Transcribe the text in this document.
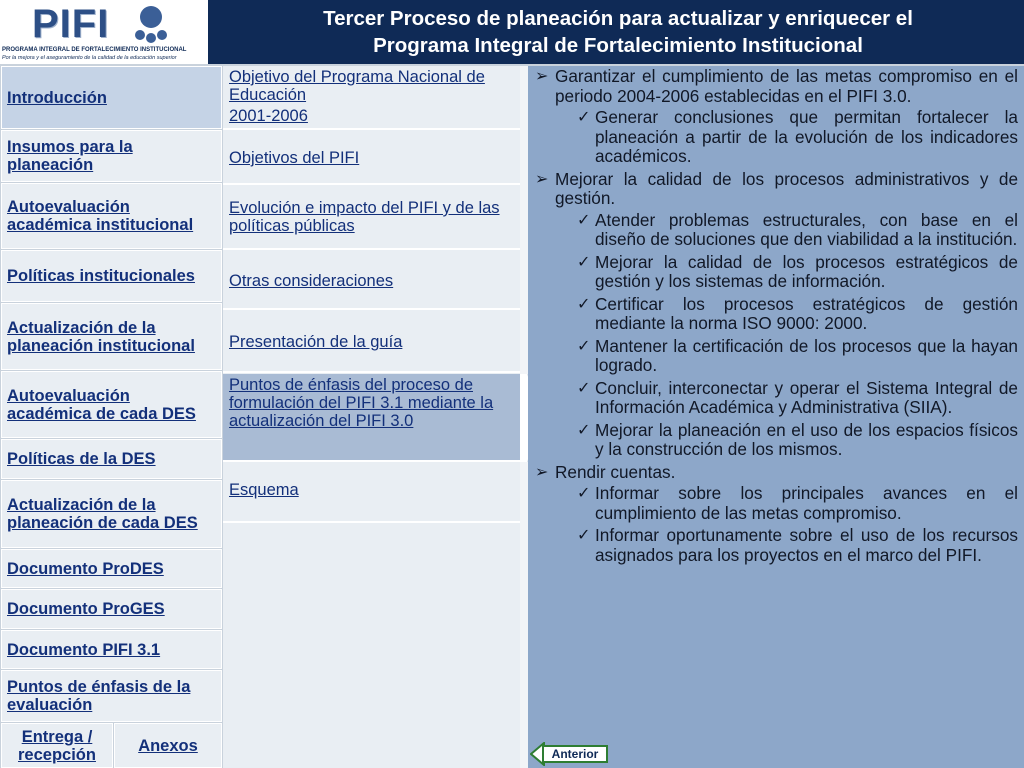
PIFI
PROGRAMA INTEGRAL DE FORTALECIMIENTO INSTITUCIONAL
Por la mejora y el aseguramiento de la calidad de la educación superior
Tercer Proceso de planeación para actualizar y enriquecer el
Programa Integral de Fortalecimiento Institucional
Introducción
Insumos para la planeación
Autoevaluación académica institucional
Políticas institucionales
Actualización de la planeación institucional
Autoevaluación académica de cada DES
Políticas de la DES
Actualización de la planeación de cada DES
Documento ProDES
Documento ProGES
Documento PIFI 3.1
Puntos de énfasis de la evaluación
Entrega / recepción	Anexos
Objetivo del Programa Nacional de Educación
2001-2006
Objetivos del PIFI
Evolución e impacto del PIFI y de las políticas públicas
Otras consideraciones
Presentación de la guía
Puntos de énfasis del proceso de formulación del PIFI 3.1 mediante la actualización del PIFI 3.0
Esquema
➢ Garantizar el cumplimiento de las metas compromiso en el periodo 2004-2006 establecidas en el PIFI 3.0.
✓ Generar conclusiones que permitan fortalecer la planeación a partir de la evolución de los indicadores académicos.
➢ Mejorar la calidad de los procesos administrativos y de gestión.
✓ Atender problemas estructurales, con base en el diseño de soluciones que den viabilidad a la institución.
✓ Mejorar la calidad de los procesos estratégicos de gestión y los sistemas de información.
✓ Certificar los procesos estratégicos de gestión mediante la norma ISO 9000: 2000.
✓ Mantener la certificación de los procesos que la hayan logrado.
✓ Concluir, interconectar y operar el Sistema Integral de Información Académica y Administrativa (SIIA).
✓ Mejorar la planeación en el uso de los espacios físicos y la construcción de los mismos.
➢ Rendir cuentas.
✓ Informar sobre los principales avances en el cumplimiento de las metas compromiso.
✓ Informar oportunamente sobre el uso de los recursos asignados para los proyectos en el marco del PIFI.
Anterior
